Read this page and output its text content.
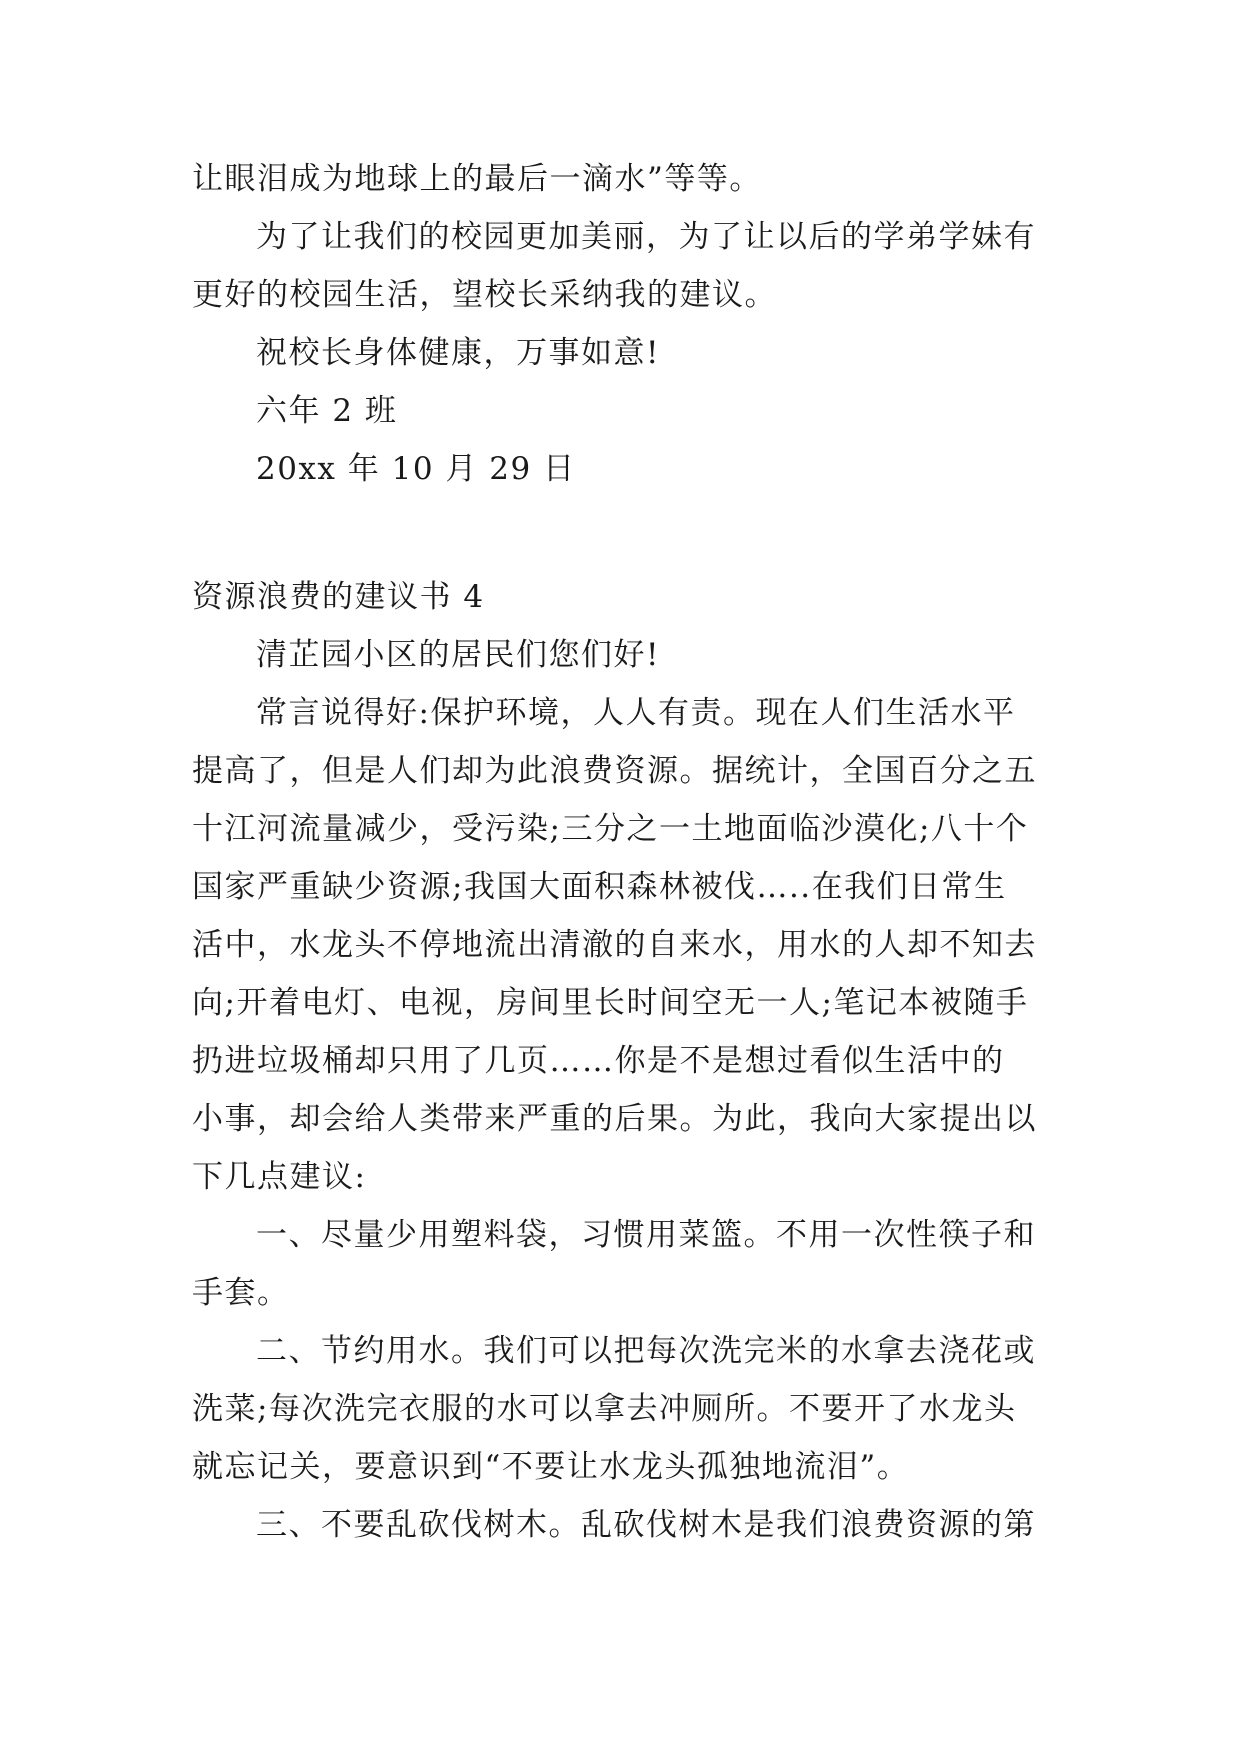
让眼泪成为地球上的最后一滴水”等等。
为了让我们的校园更加美丽，为了让以后的学弟学妹有
更好的校园生活，望校长采纳我的建议。
祝校长身体健康，万事如意!
六年 2 班
20xx 年 10 月 29 日
资源浪费的建议书 4
清芷园小区的居民们您们好!
常言说得好:保护环境，人人有责。现在人们生活水平
提高了，但是人们却为此浪费资源。据统计，全国百分之五
十江河流量减少，受污染;三分之一土地面临沙漠化;八十个
国家严重缺少资源;我国大面积森林被伐…..在我们日常生
活中，水龙头不停地流出清澈的自来水，用水的人却不知去
向;开着电灯、电视，房间里长时间空无一人;笔记本被随手
扔进垃圾桶却只用了几页……你是不是想过看似生活中的
小事，却会给人类带来严重的后果。为此，我向大家提出以
下几点建议:
一、尽量少用塑料袋，习惯用菜篮。不用一次性筷子和
手套。
二、节约用水。我们可以把每次洗完米的水拿去浇花或
洗菜;每次洗完衣服的水可以拿去冲厕所。不要开了水龙头
就忘记关，要意识到“不要让水龙头孤独地流泪”。
三、不要乱砍伐树木。乱砍伐树木是我们浪费资源的第
